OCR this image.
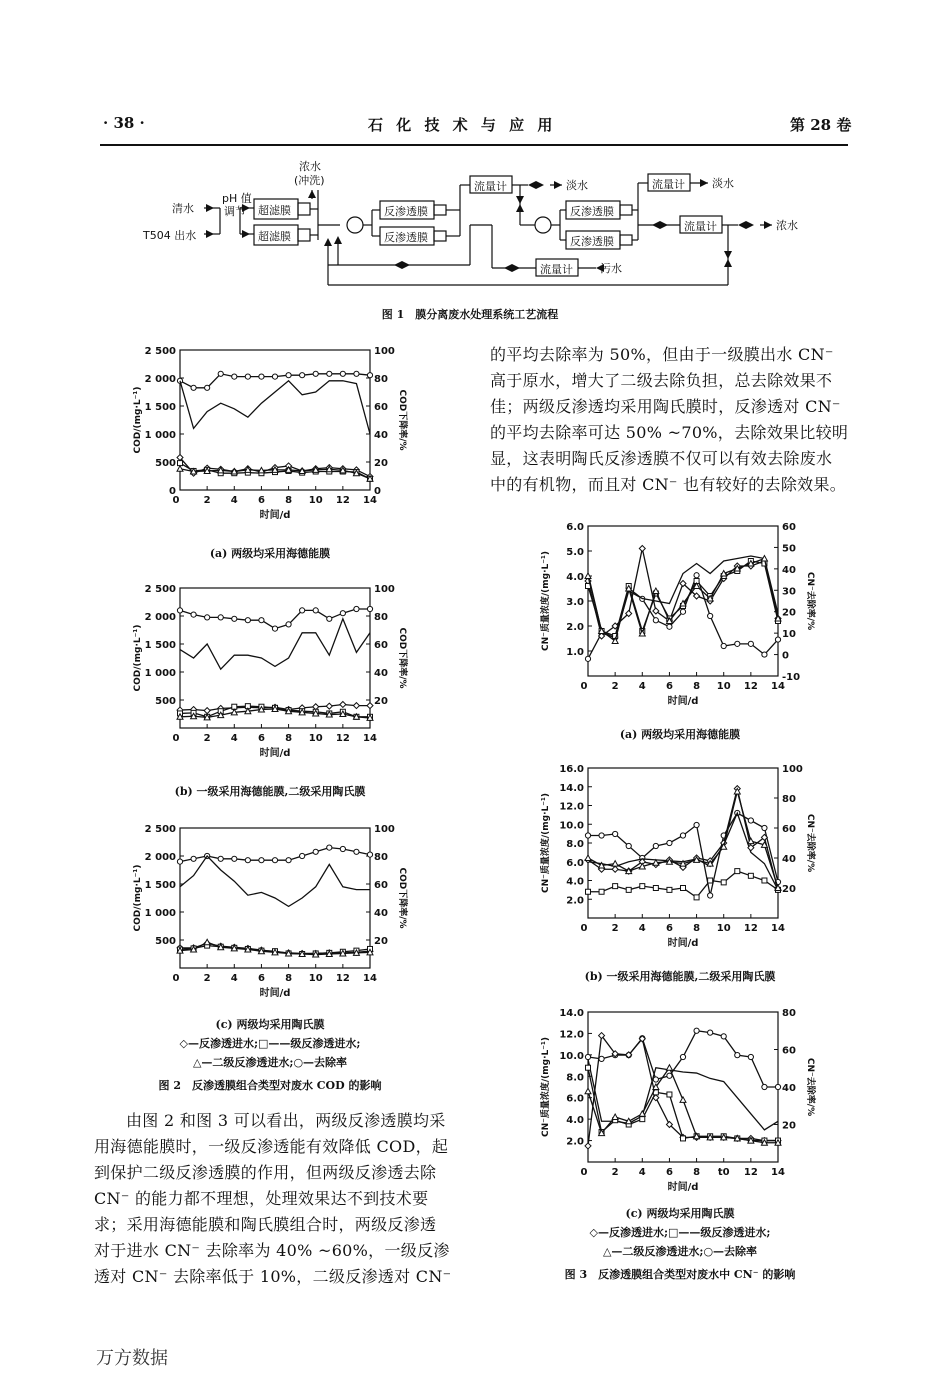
· 38 ·	石 化 技 术 与 应 用	第 28 卷
清水
T504 出水
pH 值
调节
浓水
(冲洗)
超滤膜
超滤膜
反渗透膜
反渗透膜
反渗透膜
反渗透膜
流量计	流量计
流量计
流量计
淡水	淡水
浓水
污水
图 1　膜分离废水处理系统工艺流程
2 4 6 8 10 12 14
0
时间/d
0
500
1 000
1 500
2 000
2 500
0
20
40
60
80
100
COD/(mg·L⁻¹)	COD下降率/%
(a) 两级均采用海德能膜
2 4 6 8 10 12 14
0
时间/d
500
1 000
1 500
2 000
2 500
20
40
60
80
100
COD/(mg·L⁻¹)	COD下降率/%
(b) 一级采用海德能膜,二级采用陶氏膜
2 4 6 8 10 12 14
0
时间/d
500
1 000
1 500
2 000
2 500
20
40
60
80
100
COD/(mg·L⁻¹)	COD下降率/%
(c) 两级均采用陶氏膜
◇—反渗透进水;□——级反渗透进水;
△—二级反渗透进水;○—去除率
图 2　反渗透膜组合类型对废水 COD 的影响
由图 2 和图 3 可以看出，两级反渗透膜均采
用海德能膜时，一级反渗透能有效降低 COD，起
到保护二级反渗透膜的作用，但两级反渗透去除
CN⁻ 的能力都不理想，处理效果达不到技术要
求；采用海德能膜和陶氏膜组合时，两级反渗透
对于进水 CN⁻ 去除率为 40% ~60%，一级反渗
透对 CN⁻ 去除率低于 10%，二级反渗透对 CN⁻
的平均去除率为 50%，但由于一级膜出水 CN⁻
高于原水，增大了二级去除负担，总去除效果不
佳；两级反渗透均采用陶氏膜时，反渗透对 CN⁻
的平均去除率可达 50% ~70%，去除效果比较明
显，这表明陶氏反渗透膜不仅可以有效去除废水
中的有机物，而且对 CN⁻ 也有较好的去除效果。
2 4 6 8 10 12 14
0
时间/d
1.0
2.0
3.0
4.0
5.0
6.0
-10
0
10
20
30
40
50
60
CN⁻质量浓度/(mg·L⁻¹)	CN⁻去除率/%
(a) 两级均采用海德能膜
2 4 6 8 10 12 14
0
时间/d
2.0
4.0
6.0
8.0
10.0
12.0
14.0
16.0
20
40
60
80
100
CN⁻质量浓度/(mg·L⁻¹)	CN⁻去除率/%
(b) 一级采用海德能膜,二级采用陶氏膜
2 4 6 8 t0 12 14
0
时间/d
2.0
4.0
6.0
8.0
10.0
12.0
14.0
20
40
60
80
CN⁻质量浓度/(mg·L⁻¹)	CN⁻去除率/%
(c) 两级均采用陶氏膜
◇—反渗透进水;□——级反渗透进水;
△—二级反渗透进水;○—去除率
图 3　反渗透膜组合类型对废水中 CN⁻ 的影响
万方数据
